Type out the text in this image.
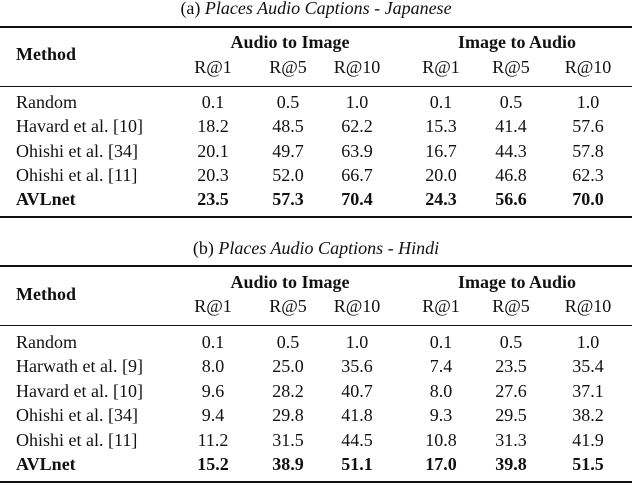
(a) Places Audio Captions - Japanese
Method
Audio to Image	Image to Audio
R@1	R@5	R@10	R@1	R@5	R@10
Random	0.1	0.5	1.0	0.1	0.5	1.0
Havard et al. [10]	18.2	48.5	62.2	15.3	41.4	57.6
Ohishi et al. [34]	20.1	49.7	63.9	16.7	44.3	57.8
Ohishi et al. [11]	20.3	52.0	66.7	20.0	46.8	62.3
AVLnet	23.5	57.3	70.4	24.3	56.6	70.0
(b) Places Audio Captions - Hindi
Method
Audio to Image	Image to Audio
R@1	R@5	R@10	R@1	R@5	R@10
Random	0.1	0.5	1.0	0.1	0.5	1.0
Harwath et al. [9]	8.0	25.0	35.6	7.4	23.5	35.4
Havard et al. [10]	9.6	28.2	40.7	8.0	27.6	37.1
Ohishi et al. [34]	9.4	29.8	41.8	9.3	29.5	38.2
Ohishi et al. [11]	11.2	31.5	44.5	10.8	31.3	41.9
AVLnet	15.2	38.9	51.1	17.0	39.8	51.5
